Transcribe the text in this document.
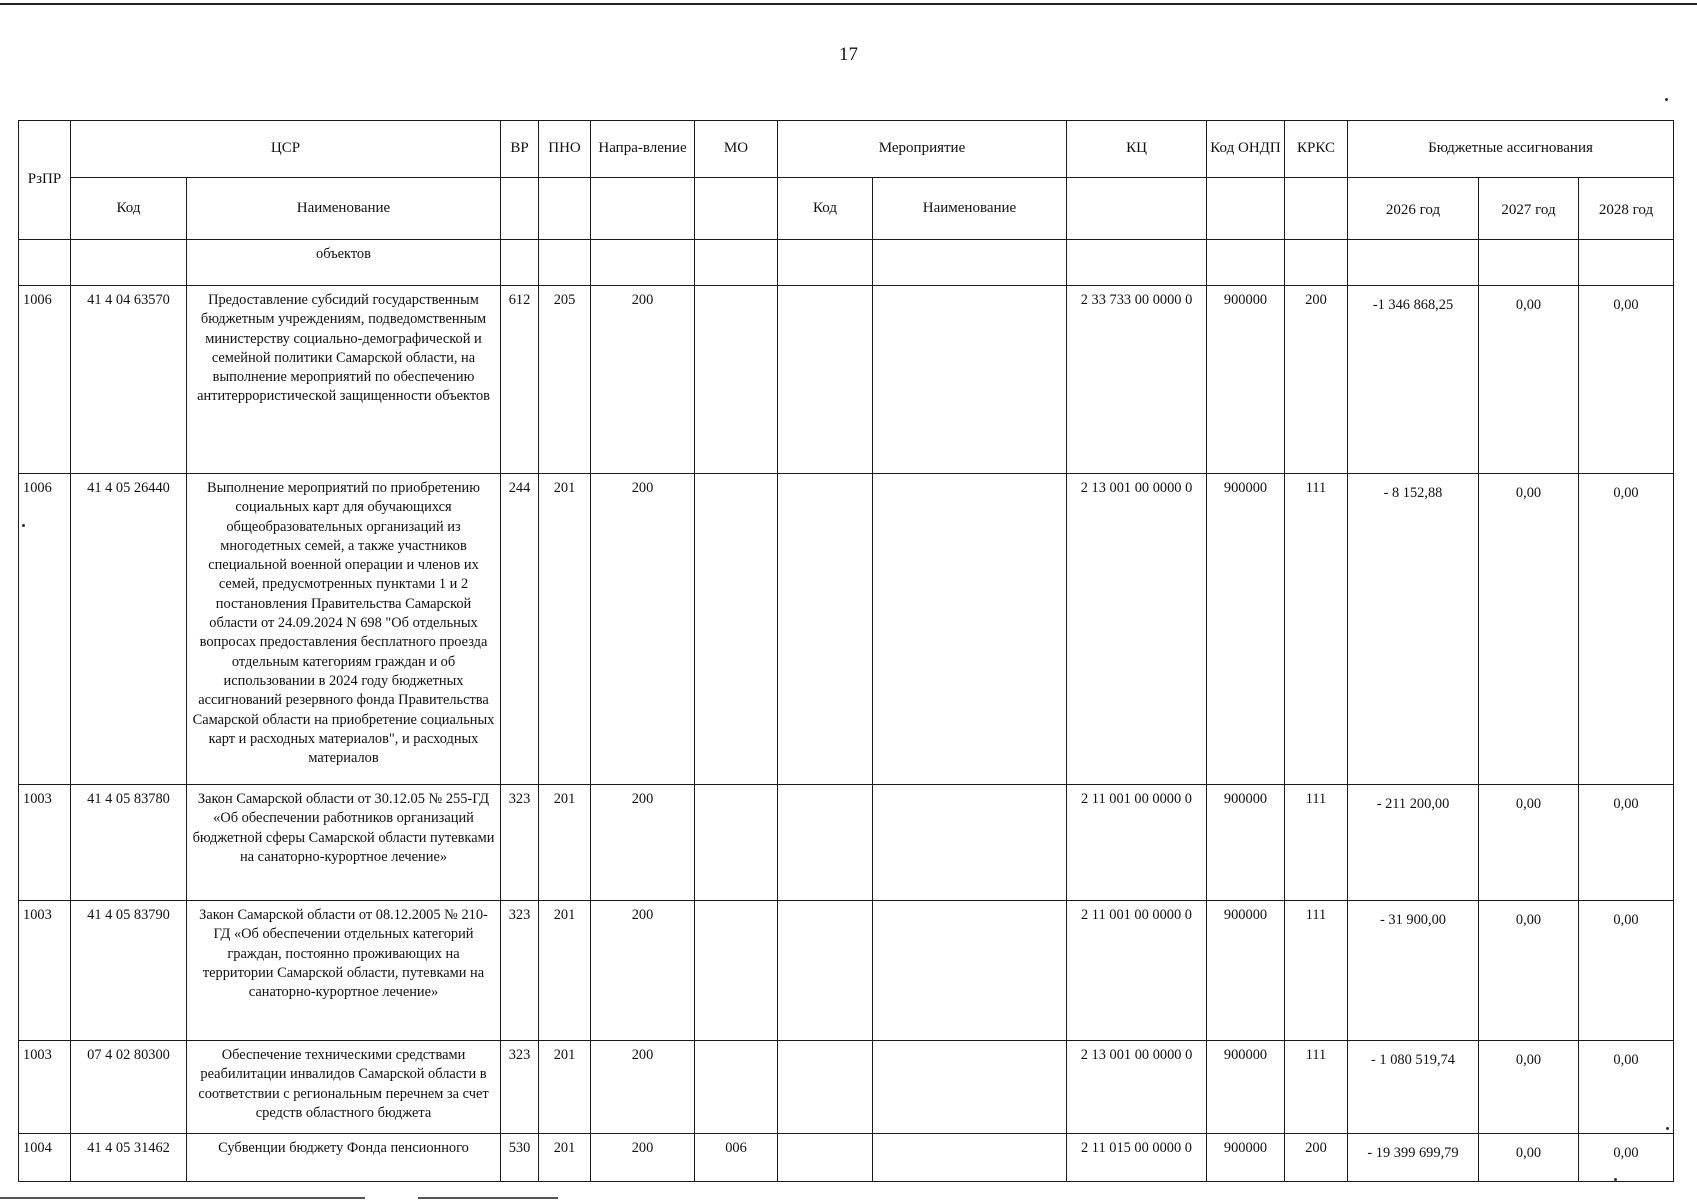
17
РзПР	ЦСР		ВР	ПНО	Напра-вление	МО	Мероприятие		КЦ	Код ОНДП	КРКС	Бюджетные ассигнования		
	Код	Наименование					Код	Наименование				2026 год	2027 год	2028 год
		объектов												
1006	41 4 04 63570	Предоставление субсидий государственным бюджетным учреждениям, подведомственным министерству социально-демографической и семейной политики Самарской области, на выполнение мероприятий по обеспечению антитеррористической защищенности объектов	612	205	200				2 33 733 00 0000 0	900000	200	-1 346 868,25	0,00	0,00
1006	41 4 05 26440	Выполнение мероприятий по приобретению социальных карт для обучающихся общеобразовательных организаций из многодетных семей, а также участников специальной военной операции и членов их семей, предусмотренных пунктами 1 и 2 постановления Правительства Самарской области от 24.09.2024 N 698 "Об отдельных вопросах предоставления бесплатного проезда отдельным категориям граждан и об использовании в 2024 году бюджетных ассигнований резервного фонда Правительства Самарской области на приобретение социальных карт и расходных материалов", и расходных материалов	244	201	200				2 13 001 00 0000 0	900000	111	- 8 152,88	0,00	0,00
1003	41 4 05 83780	Закон Самарской области от 30.12.05 № 255-ГД «Об обеспечении работников организаций бюджетной сферы Самарской области путевками на санаторно-курортное лечение»	323	201	200				2 11 001 00 0000 0	900000	111	- 211 200,00	0,00	0,00
1003	41 4 05 83790	Закон Самарской области от 08.12.2005 № 210-ГД «Об обеспечении отдельных категорий граждан, постоянно проживающих на территории Самарской области, путевками на санаторно-курортное лечение»	323	201	200				2 11 001 00 0000 0	900000	111	- 31 900,00	0,00	0,00
1003	07 4 02 80300	Обеспечение техническими средствами реабилитации инвалидов Самарской области в соответствии с региональным перечнем за счет средств областного бюджета	323	201	200				2 13 001 00 0000 0	900000	111	- 1 080 519,74	0,00	0,00
1004	41 4 05 31462	Субвенции бюджету Фонда пенсионного	530	201	200	006			2 11 015 00 0000 0	900000	200	- 19 399 699,79	0,00	0,00
